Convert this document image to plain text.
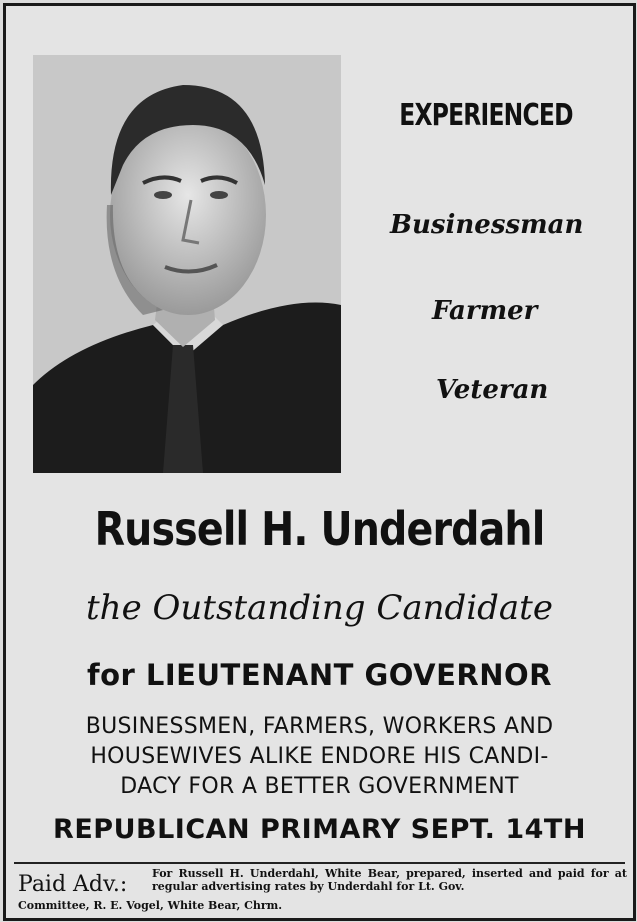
EXPERIENCED
Businessman
Farmer
Veteran
Russell H. Underdahl
the Outstanding Candidate
for LIEUTENANT GOVERNOR
BUSINESSMEN, FARMERS, WORKERS AND
HOUSEWIVES ALIKE ENDORE HIS CANDI-
DACY FOR A BETTER GOVERNMENT
REPUBLICAN PRIMARY SEPT. 14TH
Paid Adv.: For Russell H. Underdahl, White Bear, prepared, inserted and paid for at regular advertising rates by Underdahl for Lt. Gov.
Committee, R. E. Vogel, White Bear, Chrm.
